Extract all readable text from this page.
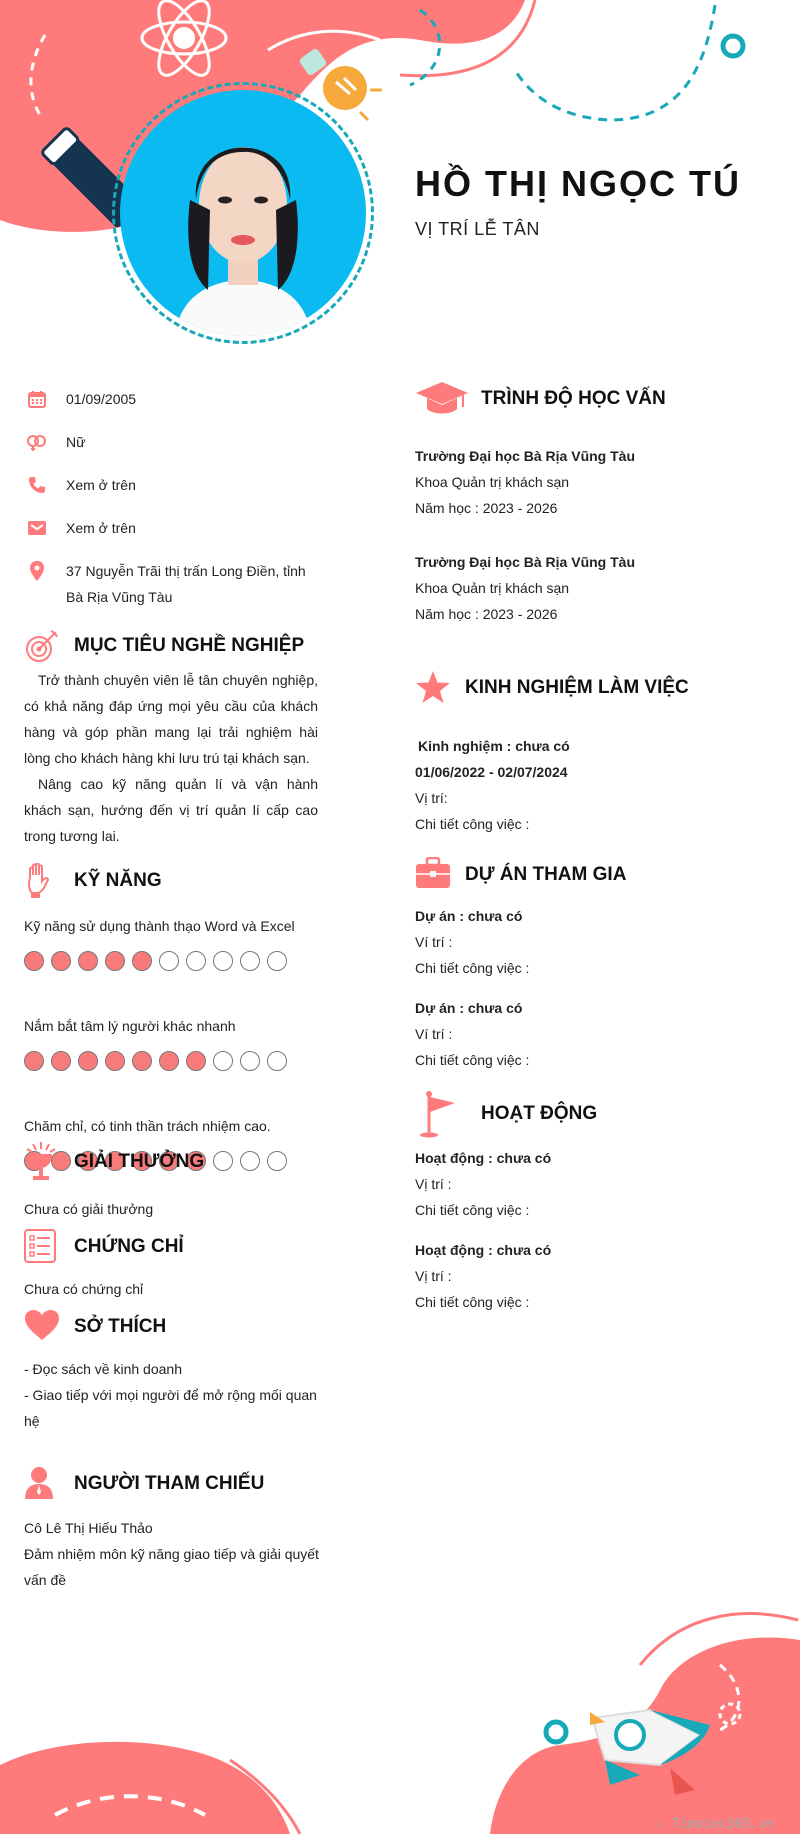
HỒ THỊ NGỌC TÚ
VỊ TRÍ LỄ TÂN
01/09/2005
Nữ
Xem ở trên
Xem ở trên
37 Nguyễn Trãi thị trấn Long Điền, tỉnh
Bà Rịa Vũng Tàu
MỤC TIÊU NGHỀ NGHIỆP
Trở thành chuyên viên lễ tân chuyên nghiệp, có khả năng đáp ứng mọi yêu cầu của khách hàng và góp phần mang lại trải nghiệm hài lòng cho khách hàng khi lưu trú tại khách sạn.
Nâng cao kỹ năng quản lí và vận hành khách sạn, hướng đến vị trí quản lí cấp cao trong tương lai.
KỸ NĂNG
Kỹ năng sử dụng thành thạo Word và Excel
Nắm bắt tâm lý người khác nhanh
Chăm chỉ, có tinh thần trách nhiệm cao.
GIẢI THƯỞNG
Chưa có giải thưởng
CHỨNG CHỈ
Chưa có chứng chỉ
SỞ THÍCH
- Đọc sách về kinh doanh
- Giao tiếp với mọi người để mở rộng mối quan hệ
NGƯỜI THAM CHIẾU
Cô Lê Thị Hiếu Thảo
Đảm nhiệm môn kỹ năng giao tiếp và giải quyết vấn đề
TRÌNH ĐỘ HỌC VẤN
Trường Đại học Bà Rịa Vũng Tàu
Khoa Quản trị khách sạn
Năm học : 2023 - 2026
Trường Đại học Bà Rịa Vũng Tàu
Khoa Quản trị khách sạn
Năm học : 2023 - 2026
KINH NGHIỆM LÀM VIỆC
Kinh nghiệm : chưa có
01/06/2022 - 02/07/2024
Vị trí:
Chi tiết công việc :
DỰ ÁN THAM GIA
Dự án : chưa có
Ví trí :
Chi tiết công việc :
Dự án : chưa có
Ví trí :
Chi tiết công việc :
HOẠT ĐỘNG
Hoạt động : chưa có
Vị trí :
Chi tiết công việc :
Hoạt động : chưa có
Vị trí :
Chi tiết công việc :
∴ Timviec365.vn
